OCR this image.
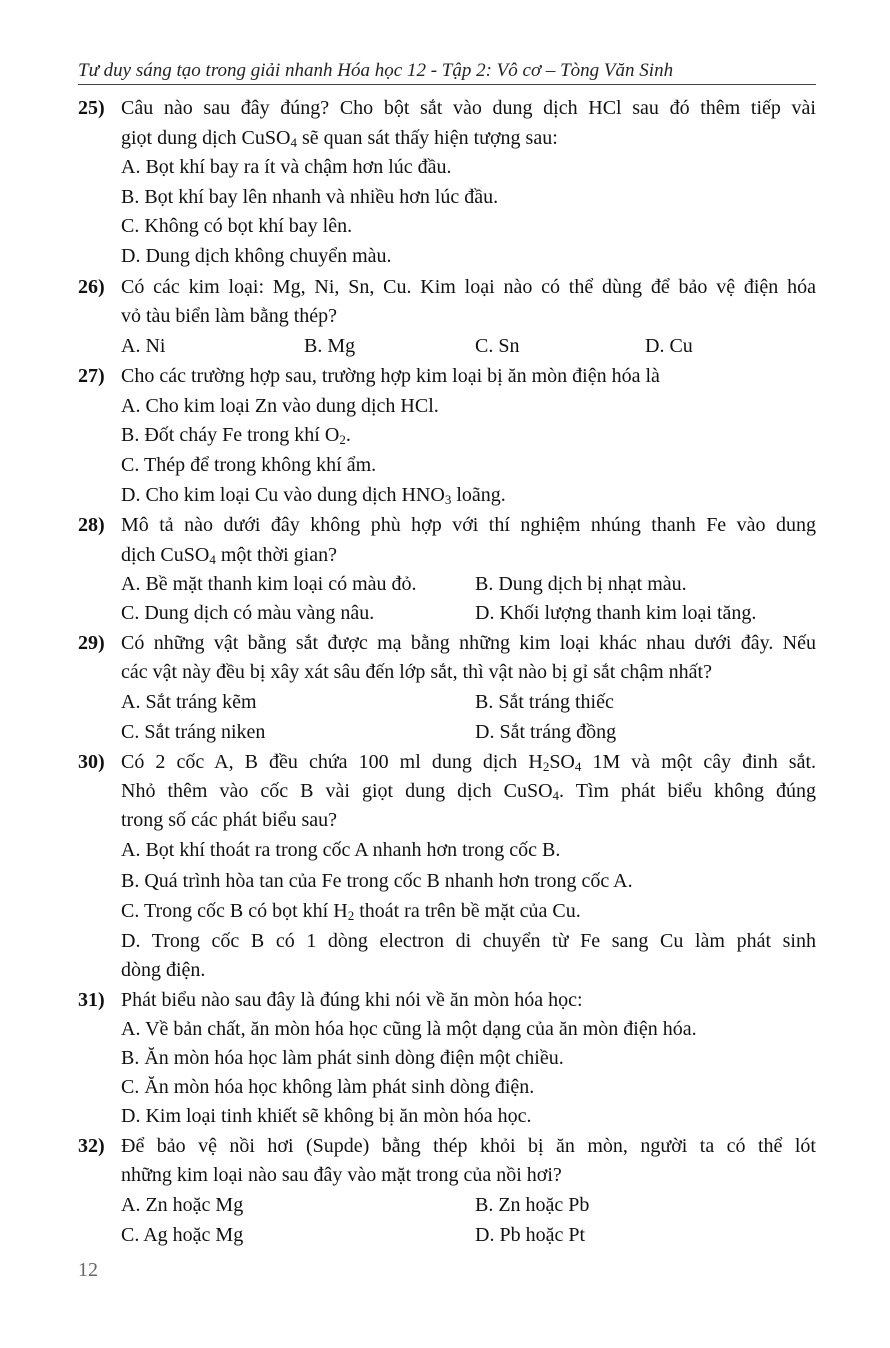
Tư duy sáng tạo trong giải nhanh Hóa học 12 - Tập 2: Vô cơ – Tòng Văn Sinh
25) Câu nào sau đây đúng? Cho bột sắt vào dung dịch HCl sau đó thêm tiếp vài
giọt dung dịch CuSO$_4$ sẽ quan sát thấy hiện tượng sau:
A. Bọt khí bay ra ít và chậm hơn lúc đầu.
B. Bọt khí bay lên nhanh và nhiều hơn lúc đầu.
C. Không có bọt khí bay lên.
D. Dung dịch không chuyển màu.
26) Có các kim loại: Mg, Ni, Sn, Cu. Kim loại nào có thể dùng để bảo vệ điện hóa
vỏ tàu biển làm bằng thép?
A. Ni	B. Mg	C. Sn	D. Cu
27) Cho các trường hợp sau, trường hợp kim loại bị ăn mòn điện hóa là
A. Cho kim loại Zn vào dung dịch HCl.
B. Đốt cháy Fe trong khí $O_2$.
C. Thép để trong không khí ẩm.
D. Cho kim loại Cu vào dung dịch $HNO_3$ loãng.
28) Mô tả nào dưới đây không phù hợp với thí nghiệm nhúng thanh Fe vào dung
dịch CuSO$_4$ một thời gian?
A. Bề mặt thanh kim loại có màu đỏ.	B. Dung dịch bị nhạt màu.
C. Dung dịch có màu vàng nâu.	D. Khối lượng thanh kim loại tăng.
29) Có những vật bằng sắt được mạ bằng những kim loại khác nhau dưới đây. Nếu
các vật này đều bị xây xát sâu đến lớp sắt, thì vật nào bị gỉ sắt chậm nhất?
A. Sắt tráng kẽm	B. Sắt tráng thiếc
C. Sắt tráng niken	D. Sắt tráng đồng
30) Có 2 cốc A, B đều chứa 100 ml dung dịch $H_2SO_4$ 1M và một cây đinh sắt.
Nhỏ thêm vào cốc B vài giọt dung dịch CuSO$_4$. Tìm phát biểu không đúng
trong số các phát biểu sau?
A. Bọt khí thoát ra trong cốc A nhanh hơn trong cốc B.
B. Quá trình hòa tan của Fe trong cốc B nhanh hơn trong cốc A.
C. Trong cốc B có bọt khí $H_2$ thoát ra trên bề mặt của Cu.
D. Trong cốc B có 1 dòng electron di chuyển từ Fe sang Cu làm phát sinh
dòng điện.
31) Phát biểu nào sau đây là đúng khi nói về ăn mòn hóa học:
A. Về bản chất, ăn mòn hóa học cũng là một dạng của ăn mòn điện hóa.
B. Ăn mòn hóa học làm phát sinh dòng điện một chiều.
C. Ăn mòn hóa học không làm phát sinh dòng điện.
D. Kim loại tinh khiết sẽ không bị ăn mòn hóa học.
32) Để bảo vệ nồi hơi (Supde) bằng thép khỏi bị ăn mòn, người ta có thể lót
những kim loại nào sau đây vào mặt trong của nồi hơi?
A. Zn hoặc Mg	B. Zn hoặc Pb
C. Ag hoặc Mg	D. Pb hoặc Pt
12
